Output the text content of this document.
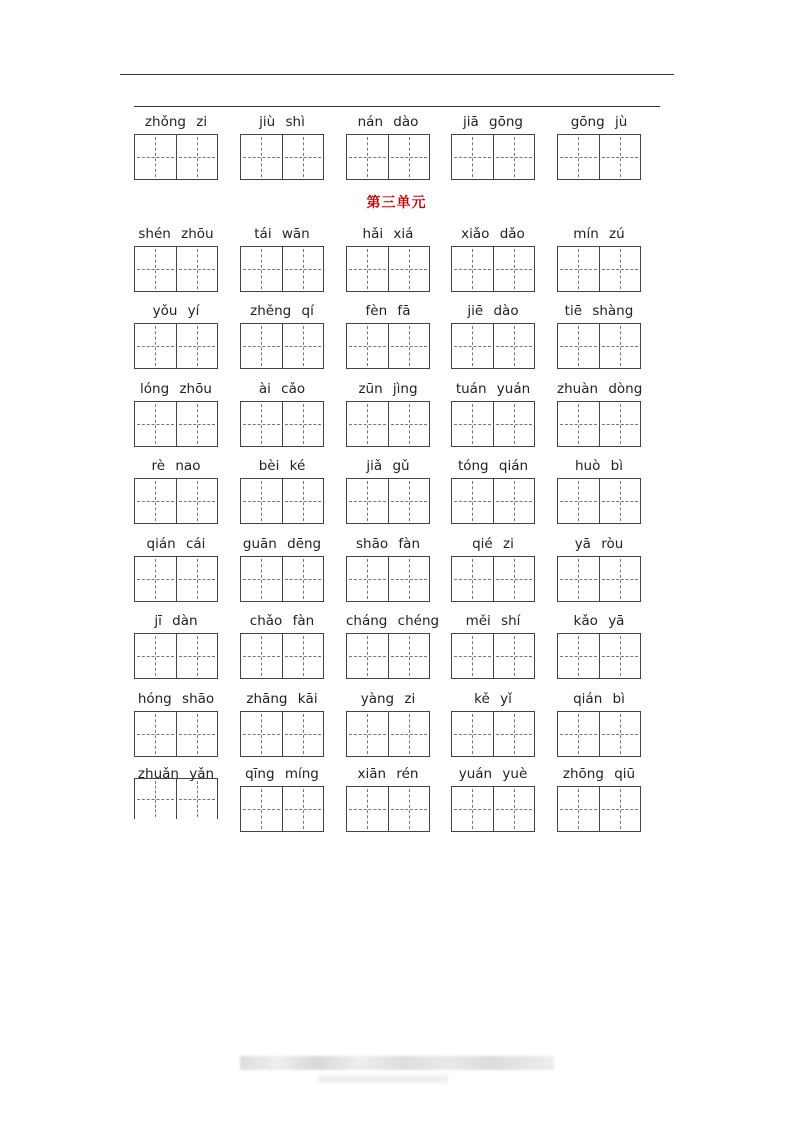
第三单元
zhǒng zi	jiù shì	nán dào	jiā gōng	gōng jù
shén zhōu	tái wān	hǎi xiá	xiǎo dǎo	mín zú
yǒu yí	zhěng qí	fèn fā	jiē dào	tiē shàng
lóng zhōu	ài cǎo	zūn jìng	tuán yuán	zhuàn dòng
rè nao	bèi ké	jiǎ gǔ	tóng qián	huò bì
qián cái	guān dēng	shāo fàn	qié zi	yā ròu
jī dàn	chǎo fàn	cháng chéng	měi shí	kǎo yā
hóng shāo	zhāng kāi	yàng zi	kě yǐ	qián bì
zhuǎn yǎn	qīng míng	xiān rén	yuán yuè	zhōng qiū
